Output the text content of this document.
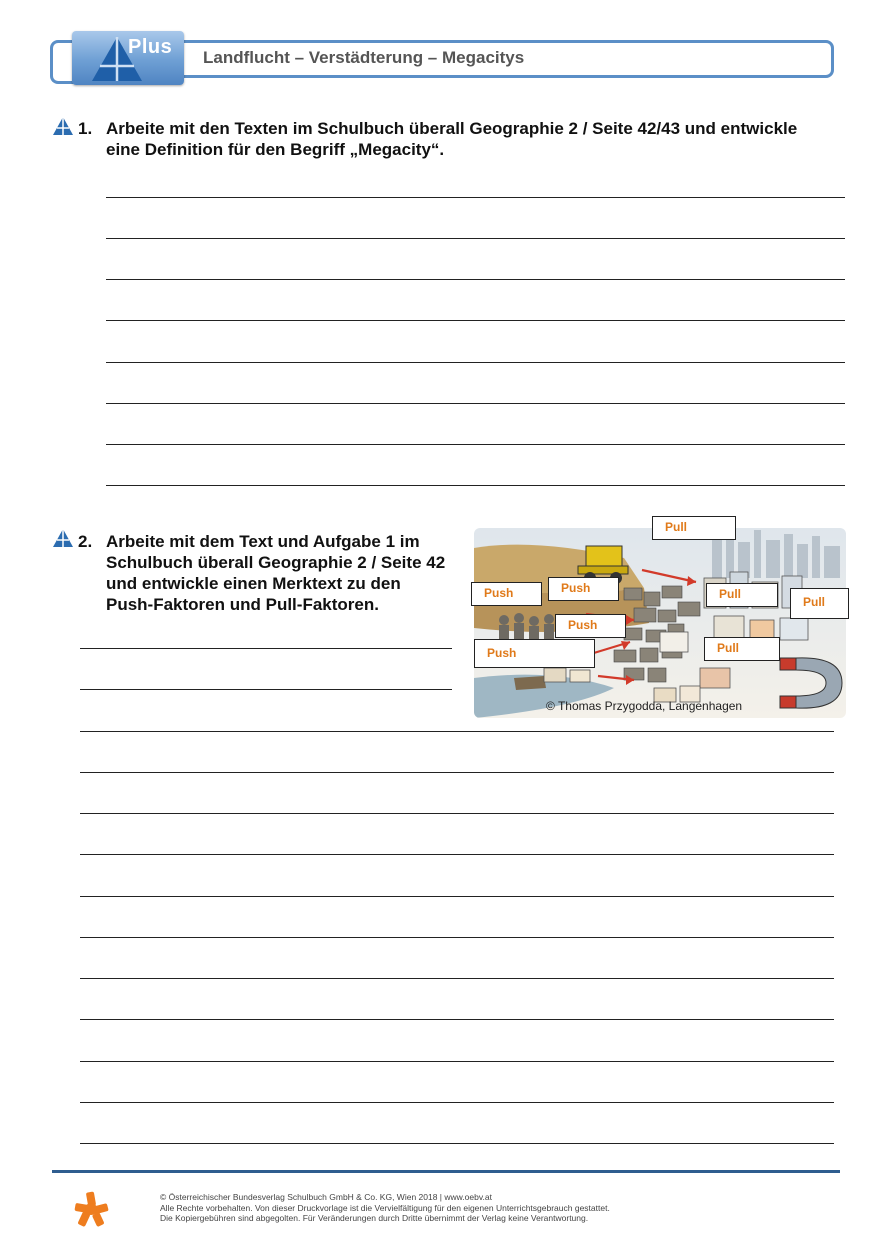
Plus Landflucht – Verstädterung – Megacitys
1. Arbeite mit den Texten im Schulbuch überall Geographie 2 / Seite 42/43 und entwickle
eine Definition für den Begriff „Megacity“.
2. Arbeite mit dem Text und Aufgabe 1 im
Schulbuch überall Geographie 2 / Seite 42
und entwickle einen Merktext zu den
Push-Faktoren und Pull-Faktoren.
Pull
Push	Push	Pull
Pull
Push
Push	Pull
© Thomas Przygodda, Langenhagen
© Österreichischer Bundesverlag Schulbuch GmbH & Co. KG, Wien 2018 | www.oebv.at
Alle Rechte vorbehalten. Von dieser Druckvorlage ist die Vervielfältigung für den eigenen Unterrichtsgebrauch gestattet.
Die Kopiergebühren sind abgegolten. Für Veränderungen durch Dritte übernimmt der Verlag keine Verantwortung.
